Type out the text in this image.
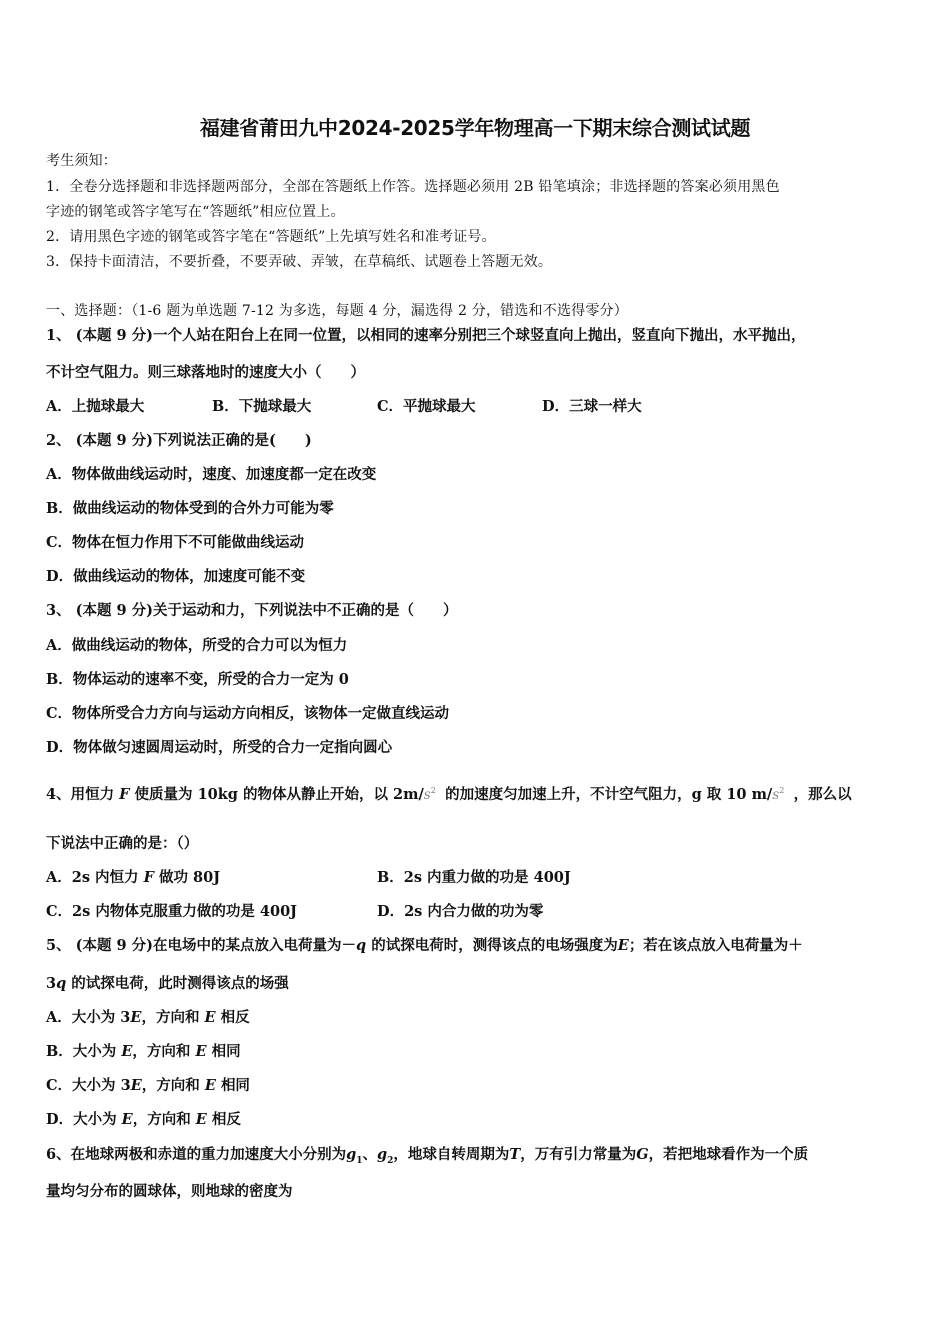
福建省莆田九中2024-2025学年物理高一下期末综合测试试题
考生须知：
1．全卷分选择题和非选择题两部分，全部在答题纸上作答。选择题必须用 2B 铅笔填涂；非选择题的答案必须用黑色
字迹的钢笔或答字笔写在“答题纸”相应位置上。
2．请用黑色字迹的钢笔或答字笔在“答题纸”上先填写姓名和准考证号。
3．保持卡面清洁，不要折叠，不要弄破、弄皱，在草稿纸、试题卷上答题无效。
一、选择题：（1-6 题为单选题 7-12 为多选，每题 4 分，漏选得 2 分，错选和不选得零分）
1、 (本题 9 分)一个人站在阳台上在同一位置，以相同的速率分别把三个球竖直向上抛出，竖直向下抛出，水平抛出，
不计空气阻力。则三球落地时的速度大小（　　）
A．上抛球最大	B．下抛球最大	C．平抛球最大	D．三球一样大
2、 (本题 9 分)下列说法正确的是(　　)
A．物体做曲线运动时，速度、加速度都一定在改变
B．做曲线运动的物体受到的合外力可能为零
C．物体在恒力作用下不可能做曲线运动
D．做曲线运动的物体，加速度可能不变
3、 (本题 9 分)关于运动和力，下列说法中不正确的是（　　）
A．做曲线运动的物体，所受的合力可以为恒力
B．物体运动的速率不变，所受的合力一定为 0
C．物体所受合力方向与运动方向相反，该物体一定做直线运动
D．物体做匀速圆周运动时，所受的合力一定指向圆心
4、用恒力 F 使质量为 10kg 的物体从静止开始，以 2m/S
2
　 的加速度匀加速上升，不计空气阻力，g 取 10 m/S
2
　 ，那么以
下说法中正确的是：（）
A．2s 内恒力 F 做功 80J	B．2s 内重力做的功是 400J
C．2s 内物体克服重力做的功是 400J	D．2s 内合力做的功为零
5、 (本题 9 分)在电场中的某点放入电荷量为－q 的试探电荷时，测得该点的电场强度为E；若在该点放入电荷量为＋
3q 的试探电荷，此时测得该点的场强
A．大小为 3E，方向和 E 相反
B．大小为 E，方向和 E 相同
C．大小为 3E，方向和 E 相同
D．大小为 E，方向和 E 相反
6、在地球两极和赤道的重力加速度大小分别为$g_1$、$g_2$，地球自转周期为T，万有引力常量为G，若把地球看作为一个质
量均匀分布的圆球体，则地球的密度为
